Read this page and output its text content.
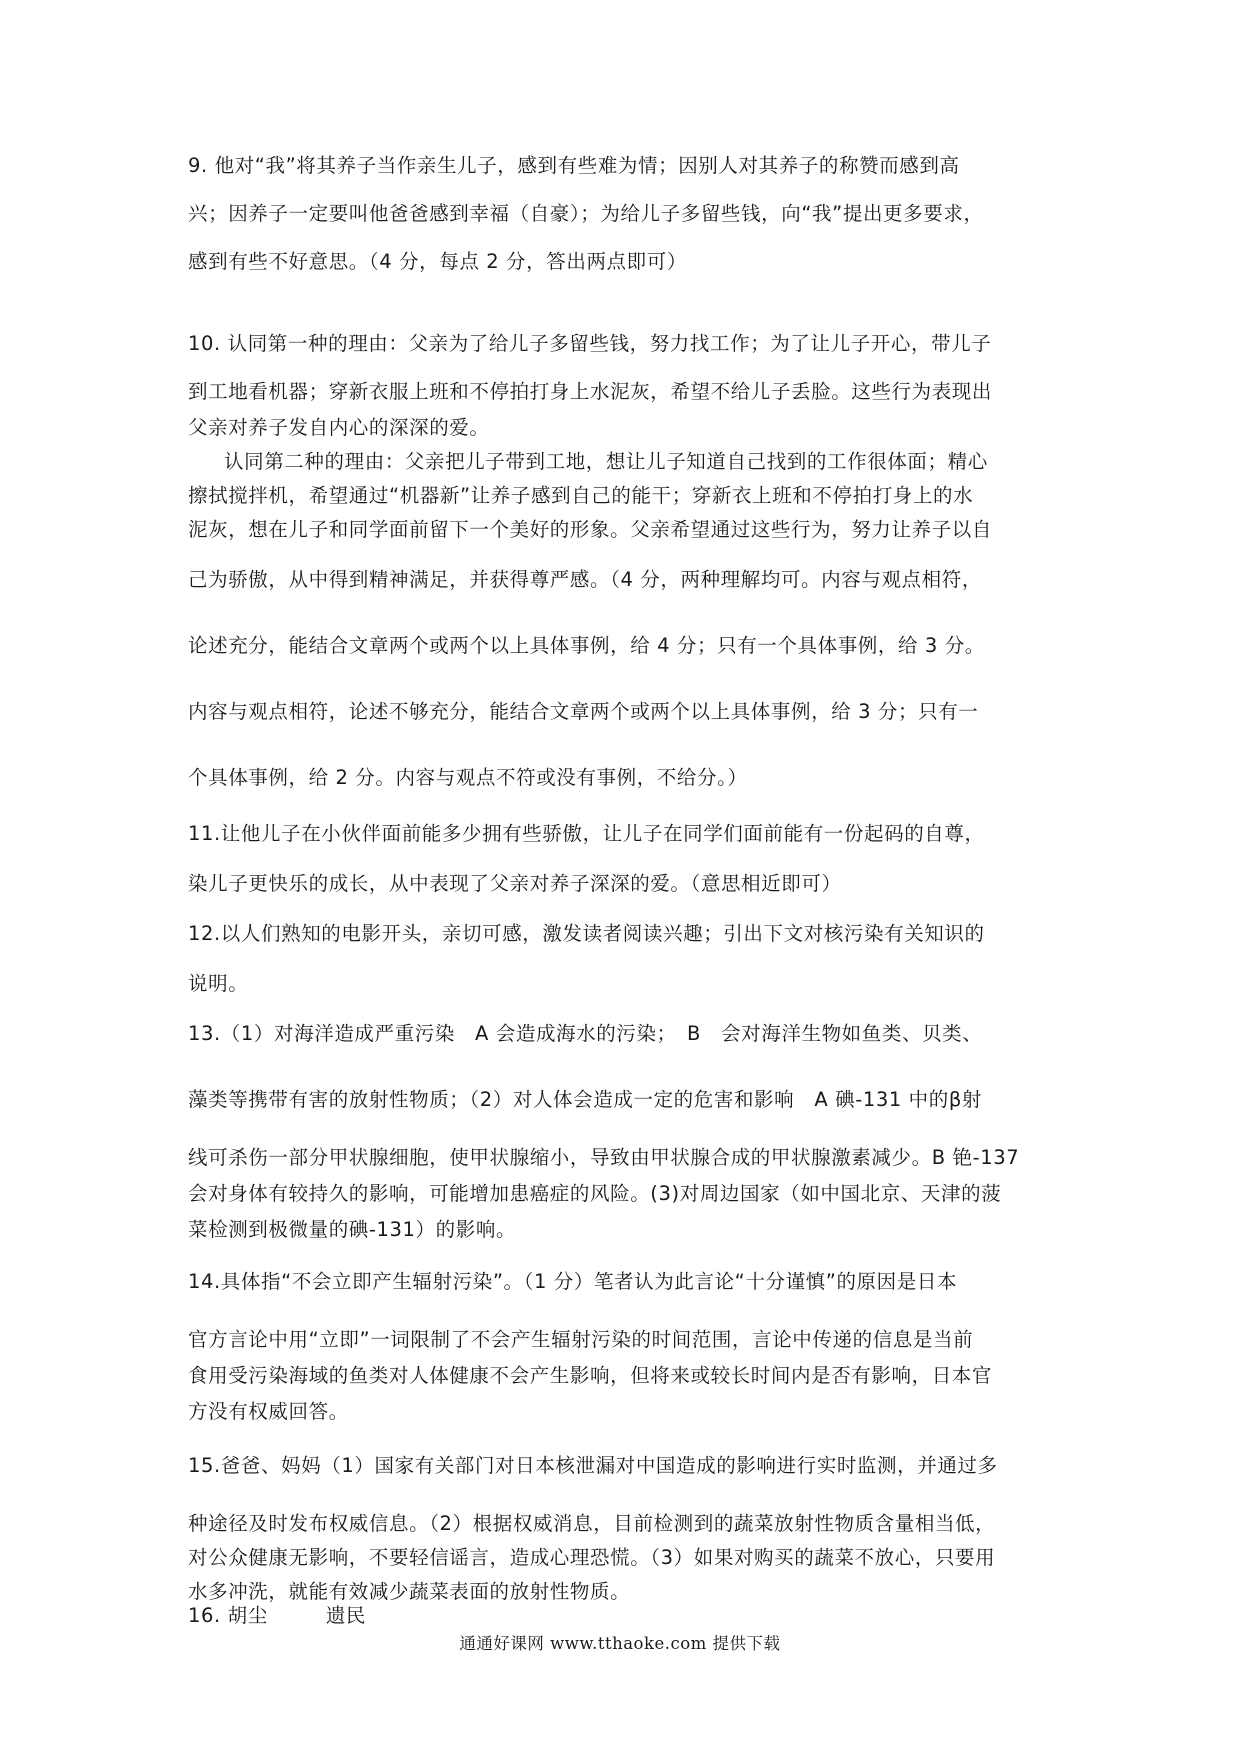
9. 他对“我”将其养子当作亲生儿子，感到有些难为情；因别人对其养子的称赞而感到高
兴；因养子一定要叫他爸爸感到幸福（自豪）；为给儿子多留些钱，向“我”提出更多要求，
感到有些不好意思。（4 分，每点 2 分，答出两点即可）
10. 认同第一种的理由：父亲为了给儿子多留些钱，努力找工作；为了让儿子开心，带儿子
到工地看机器；穿新衣服上班和不停拍打身上水泥灰，希望不给儿子丢脸。这些行为表现出
父亲对养子发自内心的深深的爱。
认同第二种的理由：父亲把儿子带到工地，想让儿子知道自己找到的工作很体面；精心
擦拭搅拌机，希望通过“机器新”让养子感到自己的能干；穿新衣上班和不停拍打身上的水
泥灰，想在儿子和同学面前留下一个美好的形象。父亲希望通过这些行为，努力让养子以自
己为骄傲，从中得到精神满足，并获得尊严感。（4 分，两种理解均可。内容与观点相符，
论述充分，能结合文章两个或两个以上具体事例，给 4 分；只有一个具体事例，给 3 分。
内容与观点相符，论述不够充分，能结合文章两个或两个以上具体事例，给 3 分；只有一
个具体事例，给 2 分。内容与观点不符或没有事例，不给分。）
11.让他儿子在小伙伴面前能多少拥有些骄傲，让儿子在同学们面前能有一份起码的自尊，
染儿子更快乐的成长，从中表现了父亲对养子深深的爱。（意思相近即可）
12.以人们熟知的电影开头，亲切可感，激发读者阅读兴趣；引出下文对核污染有关知识的
说明。
13.（1）对海洋造成严重污染　A 会造成海水的污染；　B　会对海洋生物如鱼类、贝类、
藻类等携带有害的放射性物质；（2）对人体会造成一定的危害和影响　A 碘-131 中的β射
线可杀伤一部分甲状腺细胞，使甲状腺缩小，导致由甲状腺合成的甲状腺激素减少。B 铯-137
会对身体有较持久的影响，可能增加患癌症的风险。(3)对周边国家（如中国北京、天津的菠
菜检测到极微量的碘-131）的影响。
14.具体指“不会立即产生辐射污染”。（1 分）笔者认为此言论“十分谨慎”的原因是日本
官方言论中用“立即”一词限制了不会产生辐射污染的时间范围，言论中传递的信息是当前
食用受污染海域的鱼类对人体健康不会产生影响，但将来或较长时间内是否有影响，日本官
方没有权威回答。
15.爸爸、妈妈（1）国家有关部门对日本核泄漏对中国造成的影响进行实时监测，并通过多
种途径及时发布权威信息。（2）根据权威消息，目前检测到的蔬菜放射性物质含量相当低，
对公众健康无影响，不要轻信谣言，造成心理恐慌。（3）如果对购买的蔬菜不放心，只要用
水多冲洗，就能有效减少蔬菜表面的放射性物质。
16. 胡尘	遗民
通通好课网 www.tthaoke.com 提供下载
